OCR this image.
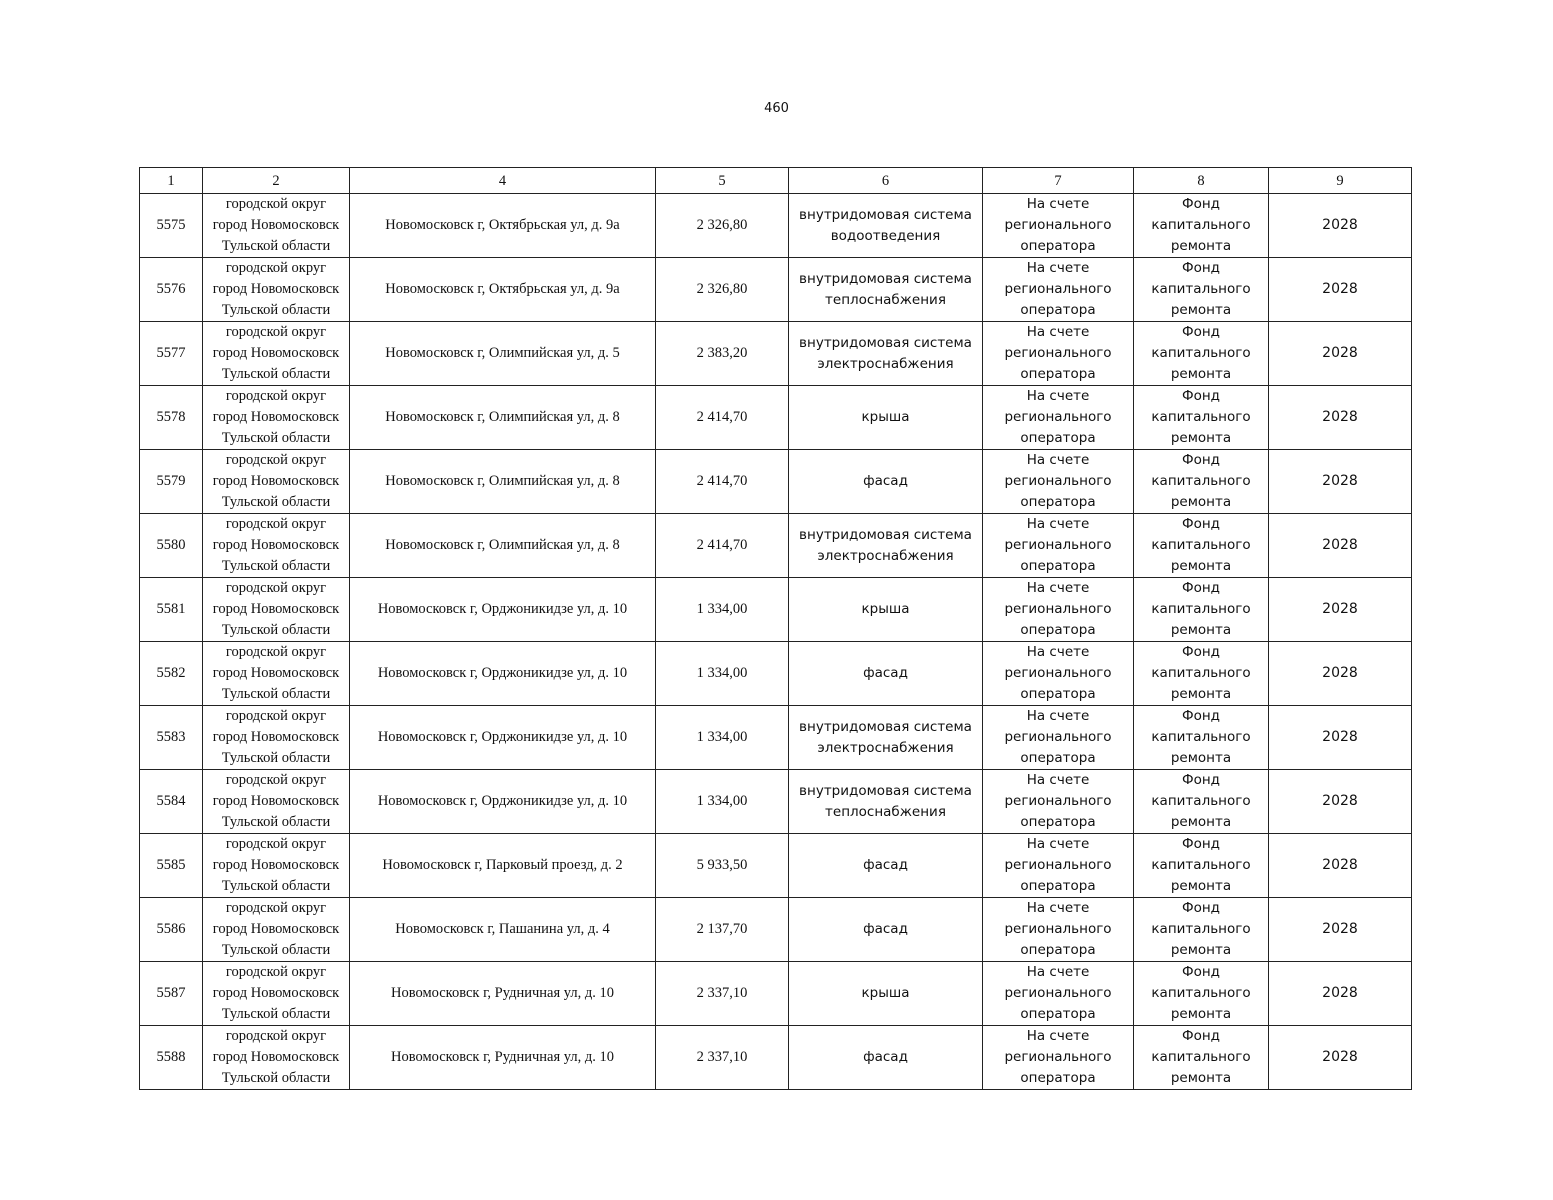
460
1	2	4	5	6	7	8	9
5575	городской округ
город Новомосковск
Тульской области	Новомосковск г, Октябрьская ул, д. 9а	2 326,80	внутридомовая система
водоотведения	На счете
регионального
оператора	Фонд
капитального
ремонта	2028
5576	городской округ
город Новомосковск
Тульской области	Новомосковск г, Октябрьская ул, д. 9а	2 326,80	внутридомовая система
теплоснабжения	На счете
регионального
оператора	Фонд
капитального
ремонта	2028
5577	городской округ
город Новомосковск
Тульской области	Новомосковск г, Олимпийская ул, д. 5	2 383,20	внутридомовая система
электроснабжения	На счете
регионального
оператора	Фонд
капитального
ремонта	2028
5578	городской округ
город Новомосковск
Тульской области	Новомосковск г, Олимпийская ул, д. 8	2 414,70	крыша	На счете
регионального
оператора	Фонд
капитального
ремонта	2028
5579	городской округ
город Новомосковск
Тульской области	Новомосковск г, Олимпийская ул, д. 8	2 414,70	фасад	На счете
регионального
оператора	Фонд
капитального
ремонта	2028
5580	городской округ
город Новомосковск
Тульской области	Новомосковск г, Олимпийская ул, д. 8	2 414,70	внутридомовая система
электроснабжения	На счете
регионального
оператора	Фонд
капитального
ремонта	2028
5581	городской округ
город Новомосковск
Тульской области	Новомосковск г, Орджоникидзе ул, д. 10	1 334,00	крыша	На счете
регионального
оператора	Фонд
капитального
ремонта	2028
5582	городской округ
город Новомосковск
Тульской области	Новомосковск г, Орджоникидзе ул, д. 10	1 334,00	фасад	На счете
регионального
оператора	Фонд
капитального
ремонта	2028
5583	городской округ
город Новомосковск
Тульской области	Новомосковск г, Орджоникидзе ул, д. 10	1 334,00	внутридомовая система
электроснабжения	На счете
регионального
оператора	Фонд
капитального
ремонта	2028
5584	городской округ
город Новомосковск
Тульской области	Новомосковск г, Орджоникидзе ул, д. 10	1 334,00	внутридомовая система
теплоснабжения	На счете
регионального
оператора	Фонд
капитального
ремонта	2028
5585	городской округ
город Новомосковск
Тульской области	Новомосковск г, Парковый проезд, д. 2	5 933,50	фасад	На счете
регионального
оператора	Фонд
капитального
ремонта	2028
5586	городской округ
город Новомосковск
Тульской области	Новомосковск г, Пашанина ул, д. 4	2 137,70	фасад	На счете
регионального
оператора	Фонд
капитального
ремонта	2028
5587	городской округ
город Новомосковск
Тульской области	Новомосковск г, Рудничная ул, д. 10	2 337,10	крыша	На счете
регионального
оператора	Фонд
капитального
ремонта	2028
5588	городской округ
город Новомосковск
Тульской области	Новомосковск г, Рудничная ул, д. 10	2 337,10	фасад	На счете
регионального
оператора	Фонд
капитального
ремонта	2028
